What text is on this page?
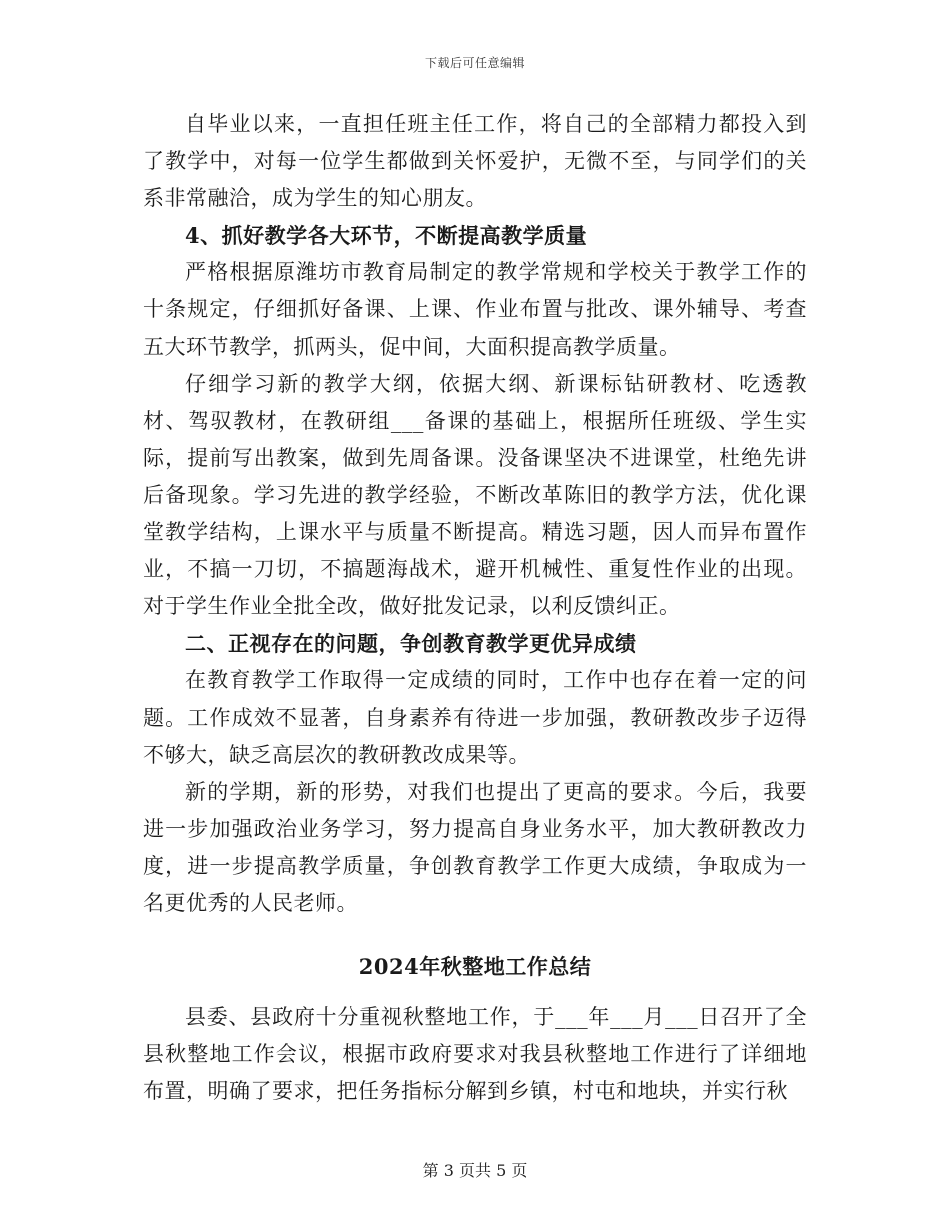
下载后可任意编辑

自毕业以来，一直担任班主任工作，将自己的全部精力都投入到了教学中，对每一位学生都做到关怀爱护，无微不至，与同学们的关系非常融洽，成为学生的知心朋友。

4、抓好教学各大环节，不断提高教学质量

严格根据原潍坊市教育局制定的教学常规和学校关于教学工作的十条规定，仔细抓好备课、上课、作业布置与批改、课外辅导、考查五大环节教学，抓两头，促中间，大面积提高教学质量。

仔细学习新的教学大纲，依据大纲、新课标钻研教材、吃透教材、驾驭教材，在教研组___备课的基础上，根据所任班级、学生实际，提前写出教案，做到先周备课。没备课坚决不进课堂，杜绝先讲后备现象。学习先进的教学经验，不断改革陈旧的教学方法，优化课堂教学结构，上课水平与质量不断提高。精选习题，因人而异布置作业，不搞一刀切，不搞题海战术，避开机械性、重复性作业的出现。对于学生作业全批全改，做好批发记录，以利反馈纠正。

二、正视存在的问题，争创教育教学更优异成绩

在教育教学工作取得一定成绩的同时，工作中也存在着一定的问题。工作成效不显著，自身素养有待进一步加强，教研教改步子迈得不够大，缺乏高层次的教研教改成果等。

新的学期，新的形势，对我们也提出了更高的要求。今后，我要进一步加强政治业务学习，努力提高自身业务水平，加大教研教改力度，进一步提高教学质量，争创教育教学工作更大成绩，争取成为一名更优秀的人民老师。

2024年秋整地工作总结

县委、县政府十分重视秋整地工作，于___年___月___日召开了全县秋整地工作会议，根据市政府要求对我县秋整地工作进行了详细地布置，明确了要求，把任务指标分解到乡镇，村屯和地块，并实行秋

第 3 页共 5 页
